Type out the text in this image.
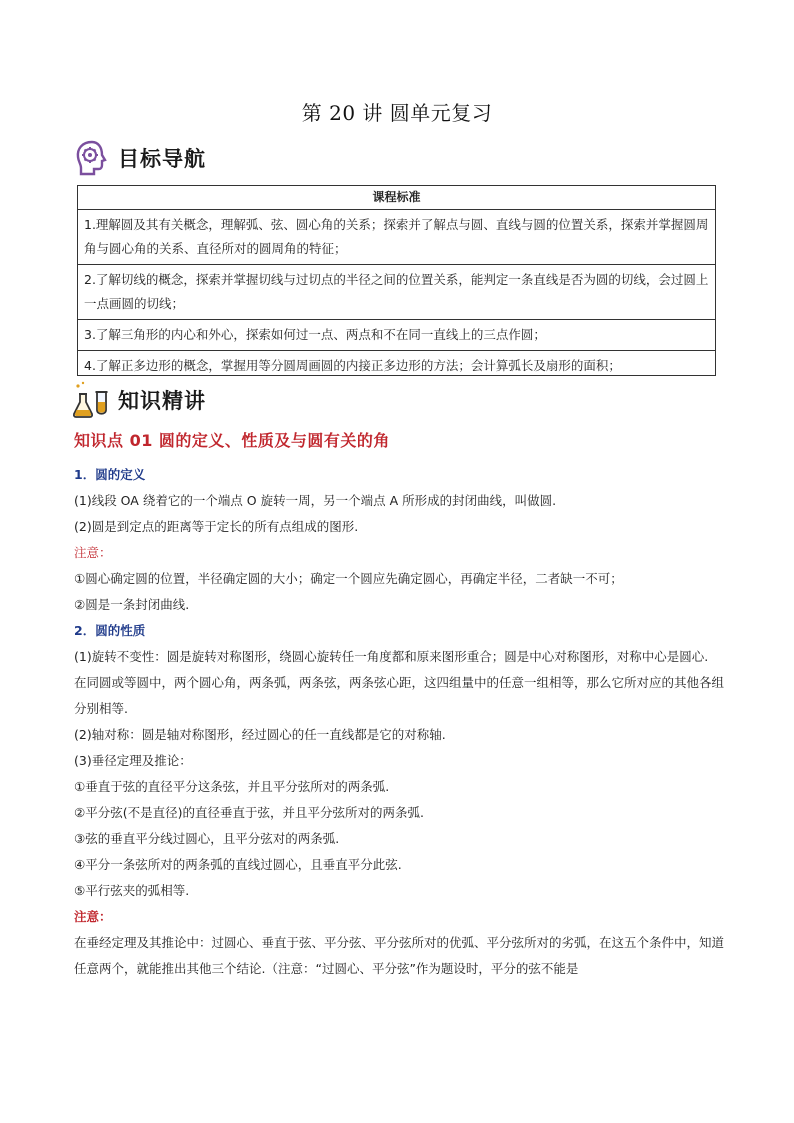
第 20 讲 圆单元复习
目标导航
课程标准
1.理解圆及其有关概念，理解弧、弦、圆心角的关系；探索并了解点与圆、直线与圆的位置关系，探索并掌握圆周角与圆心角的关系、直径所对的圆周角的特征；
2.了解切线的概念，探索并掌握切线与过切点的半径之间的位置关系，能判定一条直线是否为圆的切线，会过圆上一点画圆的切线；
3.了解三角形的内心和外心，探索如何过一点、两点和不在同一直线上的三点作圆；
4.了解正多边形的概念，掌握用等分圆周画圆的内接正多边形的方法；会计算弧长及扇形的面积；
知识精讲
知识点 01 圆的定义、性质及与圆有关的角
1．圆的定义
(1)线段 OA 绕着它的一个端点 O 旋转一周，另一个端点 A 所形成的封闭曲线，叫做圆.
(2)圆是到定点的距离等于定长的所有点组成的图形.
注意：
①圆心确定圆的位置，半径确定圆的大小；确定一个圆应先确定圆心，再确定半径，二者缺一不可；
②圆是一条封闭曲线.
2．圆的性质
(1)旋转不变性：圆是旋转对称图形，绕圆心旋转任一角度都和原来图形重合；圆是中心对称图形，对称中心是圆心.
在同圆或等圆中，两个圆心角，两条弧，两条弦，两条弦心距，这四组量中的任意一组相等，那么它所对应的其他各组分别相等.
(2)轴对称：圆是轴对称图形，经过圆心的任一直线都是它的对称轴.
(3)垂径定理及推论：
①垂直于弦的直径平分这条弦，并且平分弦所对的两条弧.
②平分弦(不是直径)的直径垂直于弦，并且平分弦所对的两条弧.
③弦的垂直平分线过圆心，且平分弦对的两条弧.
④平分一条弦所对的两条弧的直线过圆心，且垂直平分此弦.
⑤平行弦夹的弧相等.
注意：
在垂经定理及其推论中：过圆心、垂直于弦、平分弦、平分弦所对的优弧、平分弦所对的劣弧，在这五个条件中，知道任意两个，就能推出其他三个结论.（注意：“过圆心、平分弦”作为题设时，平分的弦不能是
